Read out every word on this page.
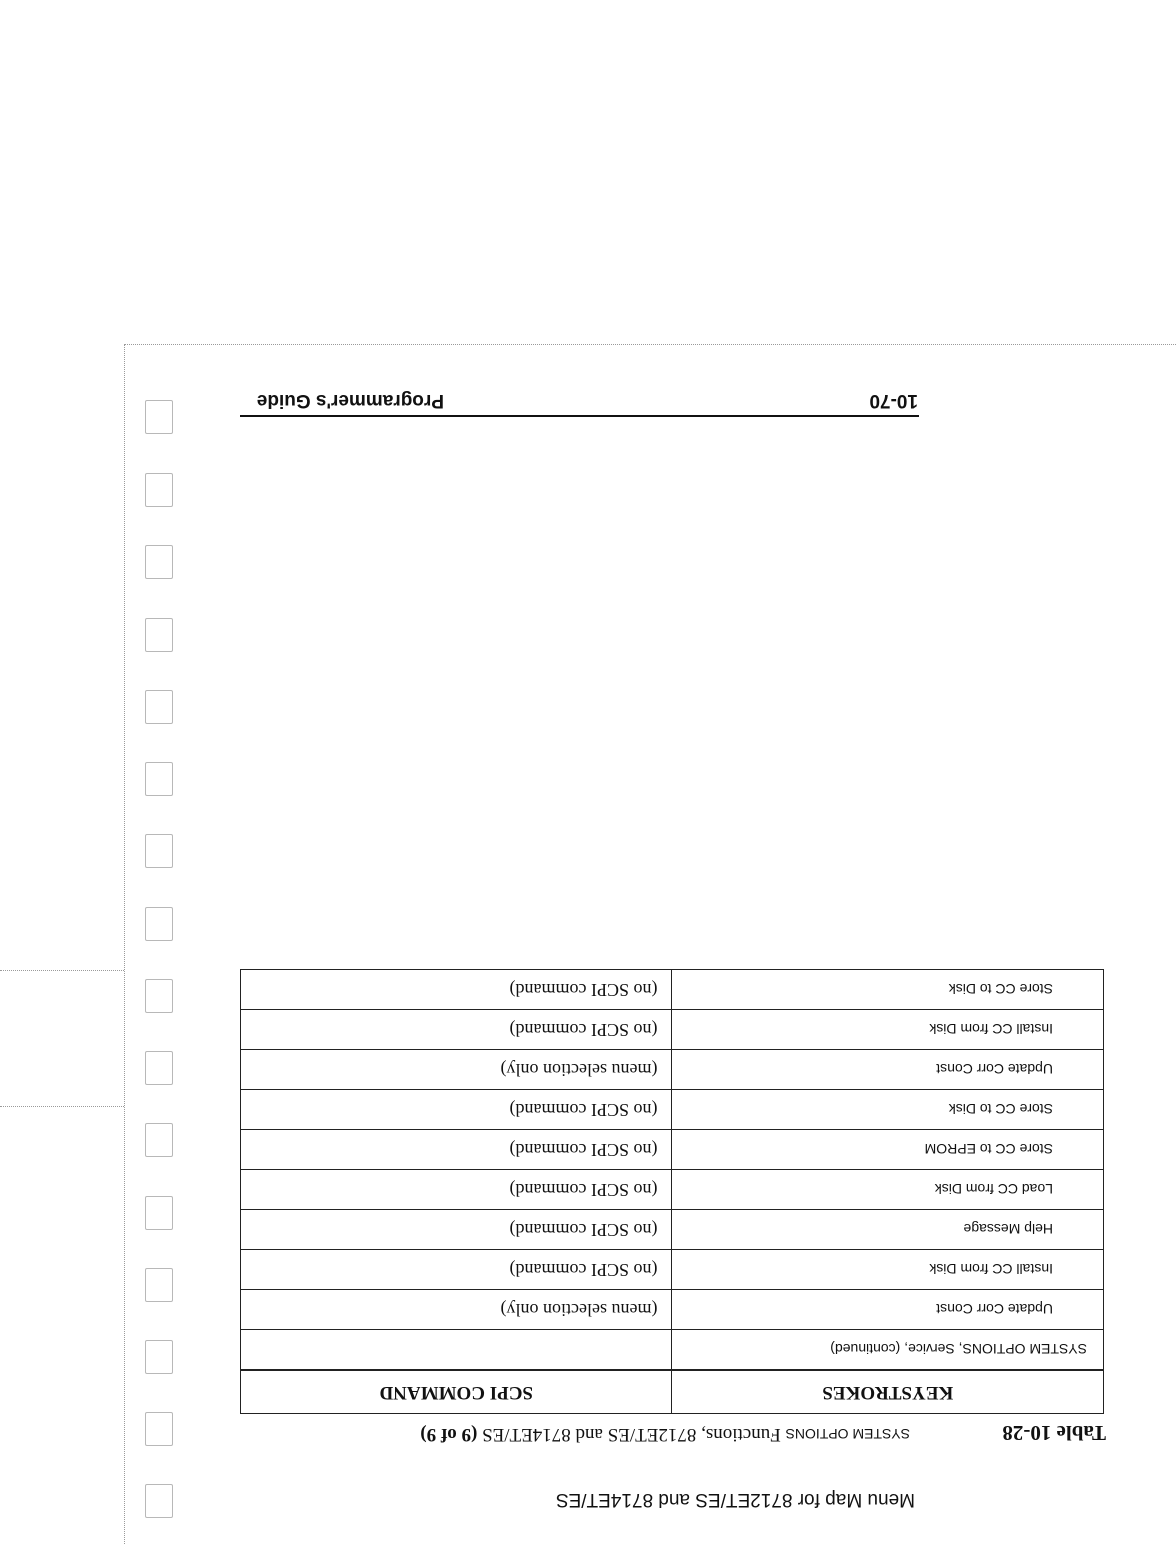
Menu Map for 8712ET/ES and 8714ET/ES
Table 10-28
SYSTEM OPTIONS Functions, 8712ET/ES and 8714ET/ES (9 of 9)
KEYSTROKES	SCPI COMMAND
SYSTEM OPTIONS, Service, (continued)	
Update Corr Const	(menu selection only)
Install CC from Disk	(no SCPI command)
Help Message	(no SCPI command)
Load CC from Disk	(no SCPI command)
Store CC to EPROM	(no SCPI command)
Store CC to Disk	(no SCPI command)
Update Corr Const	(menu selection only)
Install CC from Disk	(no SCPI command)
Store CC to Disk	(no SCPI command)
10-70
Programmer's Guide
